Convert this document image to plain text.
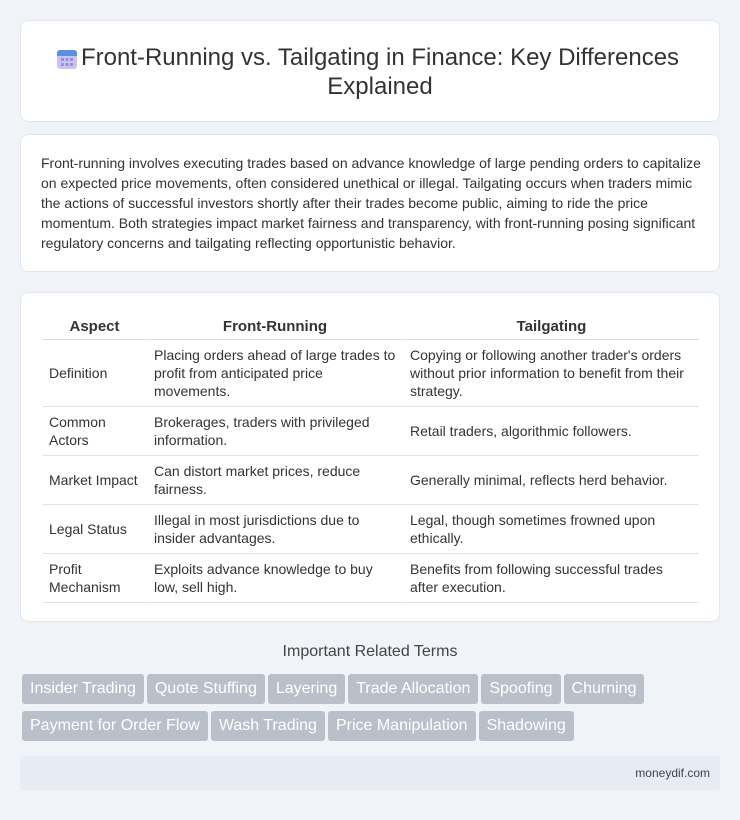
Front-Running vs. Tailgating in Finance: Key Differences Explained

Front-running involves executing trades based on advance knowledge of large pending orders to capitalize on expected price movements, often considered unethical or illegal. Tailgating occurs when traders mimic the actions of successful investors shortly after their trades become public, aiming to ride the price momentum. Both strategies impact market fairness and transparency, with front-running posing significant regulatory concerns and tailgating reflecting opportunistic behavior.

Aspect	Front-Running	Tailgating
Definition	Placing orders ahead of large trades to profit from anticipated price movements.	Copying or following another trader's orders without prior information to benefit from their strategy.
Common Actors	Brokerages, traders with privileged information.	Retail traders, algorithmic followers.
Market Impact	Can distort market prices, reduce fairness.	Generally minimal, reflects herd behavior.
Legal Status	Illegal in most jurisdictions due to insider advantages.	Legal, though sometimes frowned upon ethically.
Profit Mechanism	Exploits advance knowledge to buy low, sell high.	Benefits from following successful trades after execution.
Important Related Terms
Insider Trading Quote Stuffing Layering Trade Allocation Spoofing Churning
Payment for Order Flow Wash Trading Price Manipulation Shadowing
moneydif.com
